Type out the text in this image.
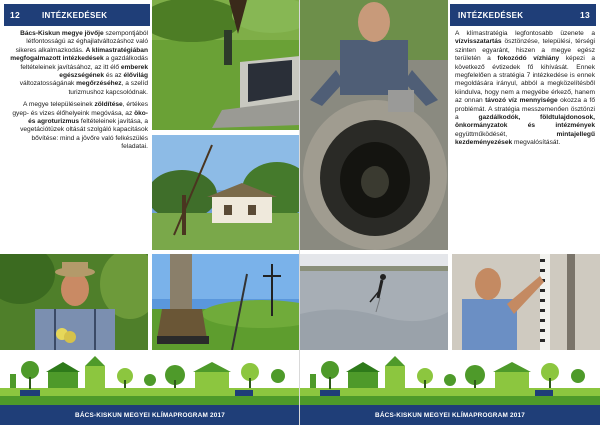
12	INTÉZKEDÉSEK

Bács-Kiskun megye jövője szempontjából létfontosságú az éghajlatváltozáshoz való sikeres alkalmazkodás. A klímastratégiában megfogalmazott intézkedések a gazdálkodás feltételeinek javításához, az itt élő emberek egészségének és az élővilág változatosságának megőrzéséhez, a szelíd turizmushoz kapcsolódnak.

A megye településeinek zöldítése, értékes gyep- és vizes élőhelyeink megóvása, az öko- és agroturizmus feltételeinek javítása, a vegetációtüzek oltását szolgáló kapacitások bővítése: mind a jövőre való felkészülés feladatai.

BÁCS-KISKUN MEGYEI KLÍMAPROGRAM 2017
INTÉZKEDÉSEK	13

A klímastratégia legfontosabb üzenete a vízvisszatartás ösztönzése, települési, térségi szinten egyaránt, hiszen a megye egész területén a fokozódó vízhiány képezi a következő évtizedek fő kihívását. Ennek megfelelően a stratégia 7 intézkedése is ennek megoldására irányul, abból a megközelítésből kiindulva, hogy nem a megyébe érkező, hanem az onnan távozó víz mennyisége okozza a fő problémát. A stratégia messzemenően ösztönzi a gazdálkodók, földtulajdonosok, önkormányzatok és intézmények együttműködését, mintajellegű kezdeményezések megvalósítását.

BÁCS-KISKUN MEGYEI KLÍMAPROGRAM 2017
